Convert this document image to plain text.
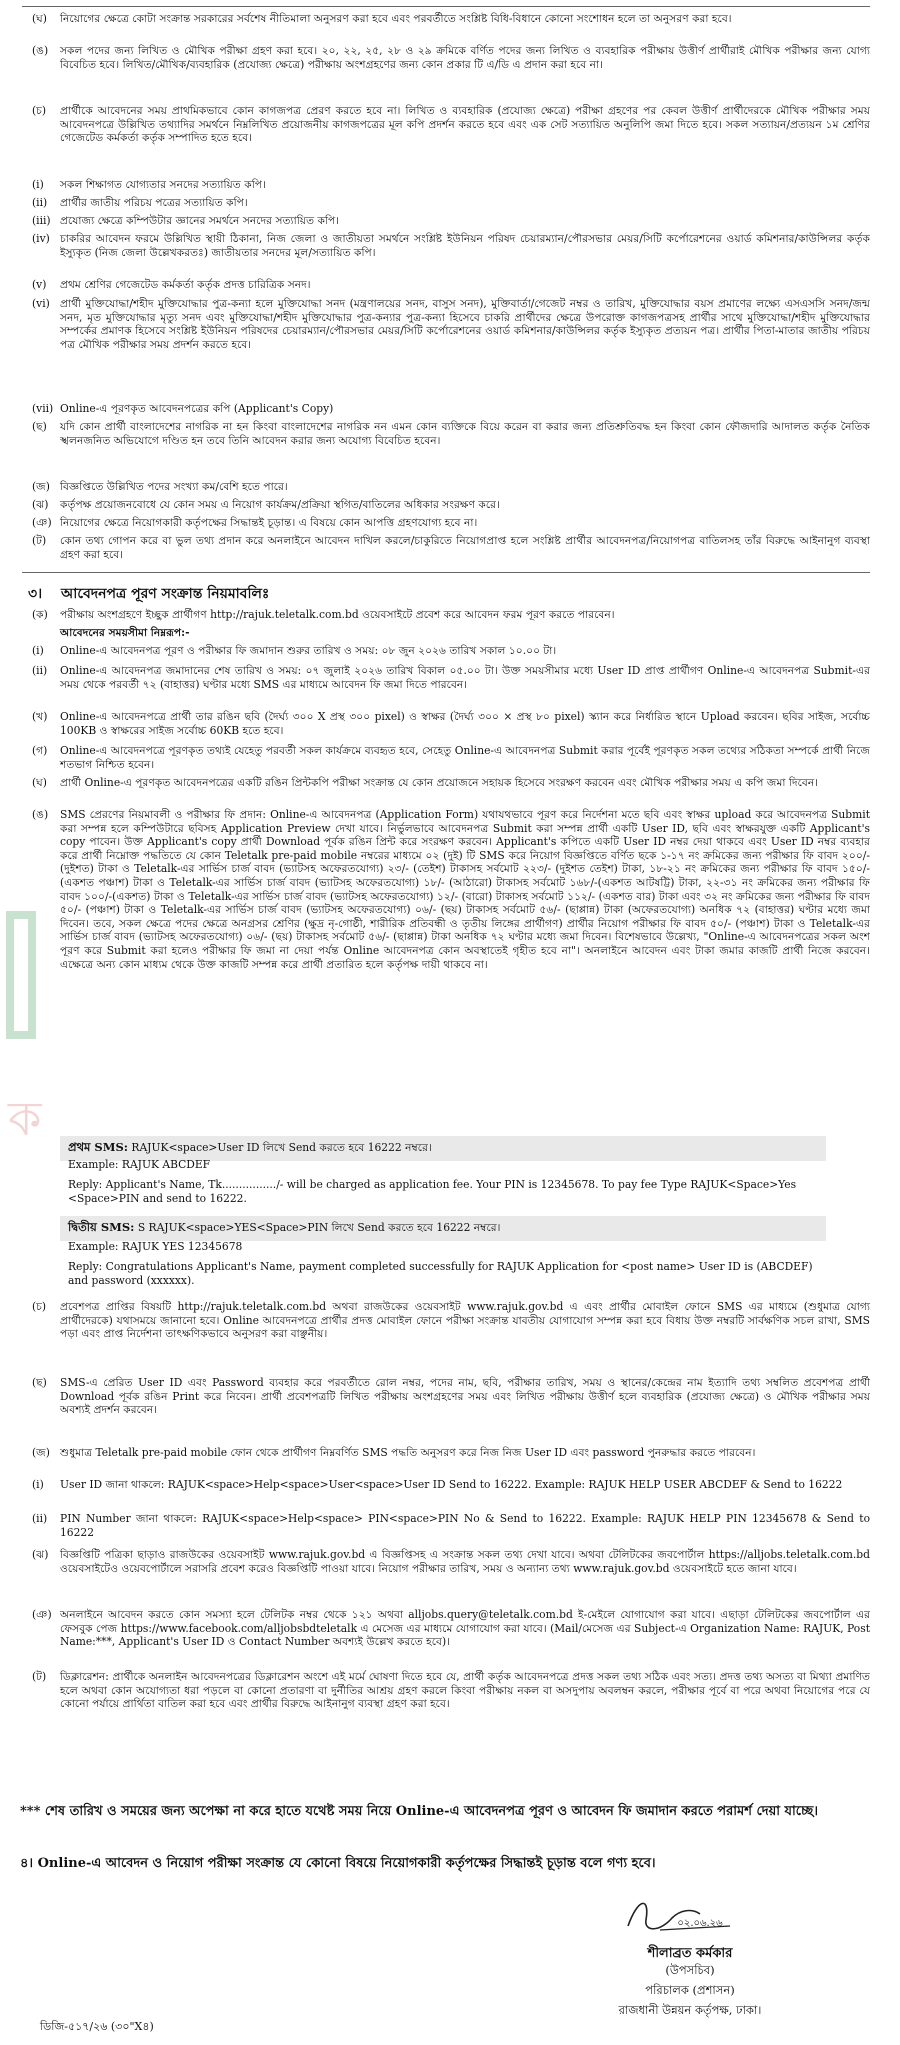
ক
(ঘ) নিয়োগের ক্ষেত্রে কোটা সংক্রান্ত সরকারের সর্বশেষ নীতিমালা অনুসরণ করা হবে এবং পরবর্তীতে সংশ্লিষ্ট বিধি-বিধানে কোনো সংশোধন হলে তা অনুসরণ করা হবে।
(ঙ) সকল পদের জন্য লিখিত ও মৌখিক পরীক্ষা গ্রহণ করা হবে। ২০, ২২, ২৫, ২৮ ও ২৯ ক্রমিকে বর্ণিত পদের জন্য লিখিত ও ব্যবহারিক পরীক্ষায় উত্তীর্ণ প্রার্থীরাই মৌখিক পরীক্ষার জন্য যোগ্য বিবেচিত হবে। লিখিত/মৌখিক/ব্যবহারিক (প্রযোজ্য ক্ষেত্রে) পরীক্ষায় অংশগ্রহণের জন্য কোন প্রকার টি এ/ডি এ প্রদান করা হবে না।
(চ) প্রার্থীকে আবেদনের সময় প্রাথমিকভাবে কোন কাগজপত্র প্রেরণ করতে হবে না। লিখিত ও ব্যবহারিক (প্রযোজ্য ক্ষেত্রে) পরীক্ষা গ্রহণের পর কেবল উত্তীর্ণ প্রার্থীদেরকে মৌখিক পরীক্ষার সময় আবেদনপত্রে উল্লিখিত তথ্যাদির সমর্থনে নিম্নলিখিত প্রয়োজনীয় কাগজপত্রের মূল কপি প্রদর্শন করতে হবে এবং এক সেট সত্যায়িত অনুলিপি জমা দিতে হবে। সকল সত্যায়ন/প্রত্যয়ন ১ম শ্রেণির গেজেটেড কর্মকর্তা কর্তৃক সম্পাদিত হতে হবে।
(i) সকল শিক্ষাগত যোগ্যতার সনদের সত্যায়িত কপি।
(ii) প্রার্থীর জাতীয় পরিচয় পত্রের সত্যায়িত কপি।
(iii) প্রযোজ্য ক্ষেত্রে কম্পিউটার জ্ঞানের সমর্থনে সনদের সত্যায়িত কপি।
(iv) চাকরির আবেদন ফরমে উল্লিখিত স্থায়ী ঠিকানা, নিজ জেলা ও জাতীয়তা সমর্থনে সংশ্লিষ্ট ইউনিয়ন পরিষদ চেয়ারম্যান/পৌরসভার মেয়র/সিটি কর্পোরেশনের ওয়ার্ড কমিশনার/কাউন্সিলর কর্তৃক ইস্যুকৃত (নিজ জেলা উল্লেখকরতঃ) জাতীয়তার সনদের মূল/সত্যায়িত কপি।
(v) প্রথম শ্রেণির গেজেটেড কর্মকর্তা কর্তৃক প্রদত্ত চারিত্রিক সনদ।
(vi) প্রার্থী মুক্তিযোদ্ধা/শহীদ মুক্তিযোদ্ধার পুত্র-কন্যা হলে মুক্তিযোদ্ধা সনদ (মন্ত্রণালয়ের সনদ, বাসুস সনদ), মুক্তিবার্তা/গেজেট নম্বর ও তারিখ, মুক্তিযোদ্ধার বয়স প্রমাণের লক্ষ্যে এসএসসি সনদ/জন্ম সনদ, মৃত মুক্তিযোদ্ধার মৃত্যু সনদ এবং মুক্তিযোদ্ধা/শহীদ মুক্তিযোদ্ধার পুত্র-কন্যার পুত্র-কন্যা হিসেবে চাকরি প্রার্থীদের ক্ষেত্রে উপরোক্ত কাগজপত্রসহ প্রার্থীর সাথে মুক্তিযোদ্ধা/শহীদ মুক্তিযোদ্ধার সম্পর্কের প্রমাণক হিসেবে সংশ্লিষ্ট ইউনিয়ন পরিষদের চেয়ারম্যান/পৌরসভার মেয়র/সিটি কর্পোরেশনের ওয়ার্ড কমিশনার/কাউন্সিলর কর্তৃক ইস্যুকৃত প্রত্যয়ন পত্র। প্রার্থীর পিতা-মাতার জাতীয় পরিচয় পত্র মৌখিক পরীক্ষার সময় প্রদর্শন করতে হবে।
(vii) Online-এ পূরণকৃত আবেদনপত্রের কপি (Applicant's Copy)
(ছ) যদি কোন প্রার্থী বাংলাদেশের নাগরিক না হন কিংবা বাংলাদেশের নাগরিক নন এমন কোন ব্যক্তিকে বিয়ে করেন বা করার জন্য প্রতিশ্রুতিবদ্ধ হন কিংবা কোন ফৌজদারি আদালত কর্তৃক নৈতিক স্খলনজনিত অভিযোগে দণ্ডিত হন তবে তিনি আবেদন করার জন্য অযোগ্য বিবেচিত হবেন।
(জ) বিজ্ঞপ্তিতে উল্লিখিত পদের সংখ্যা কম/বেশি হতে পারে।
(ঝ) কর্তৃপক্ষ প্রয়োজনবোধে যে কোন সময় এ নিয়োগ কার্যক্রম/প্রক্রিয়া স্থগিত/বাতিলের অধিকার সংরক্ষণ করে।
(ঞ) নিয়োগের ক্ষেত্রে নিয়োগকারী কর্তৃপক্ষের সিদ্ধান্তই চূড়ান্ত। এ বিষয়ে কোন আপত্তি গ্রহণযোগ্য হবে না।
(ট) কোন তথ্য গোপন করে বা ভুল তথ্য প্রদান করে অনলাইনে আবেদন দাখিল করলে/চাকুরিতে নিয়োগপ্রাপ্ত হলে সংশ্লিষ্ট প্রার্থীর আবেদনপত্র/নিয়োগপত্র বাতিলসহ তাঁর বিরুদ্ধে আইনানুগ ব্যবস্থা গ্রহণ করা হবে।
৩। আবেদনপত্র পূরণ সংক্রান্ত নিয়মাবলিঃ
(ক) পরীক্ষায় অংশগ্রহণে ইচ্ছুক প্রার্থীগণ http://rajuk.teletalk.com.bd ওয়েবসাইটে প্রবেশ করে আবেদন ফরম পূরণ করতে পারবেন।
আবেদনের সময়সীমা নিম্নরূপ:-
(i) Online-এ আবেদনপত্র পূরণ ও পরীক্ষার ফি জমাদান শুরুর তারিখ ও সময়: ০৮ জুন ২০২৬ তারিখ সকাল ১০.০০ টা।
(ii) Online-এ আবেদনপত্র জমাদানের শেষ তারিখ ও সময়: ০৭ জুলাই ২০২৬ তারিখ বিকাল ০৫.০০ টা। উক্ত সময়সীমার মধ্যে User ID প্রাপ্ত প্রার্থীগণ Online-এ আবেদনপত্র Submit-এর সময় থেকে পরবর্তী ৭২ (বাহাত্তর) ঘণ্টার মধ্যে SMS এর মাধ্যমে আবেদন ফি জমা দিতে পারবেন।
(খ) Online-এ আবেদনপত্রে প্রার্থী তার রঙিন ছবি (দৈর্ঘ্য ৩০০ X প্রস্থ ৩০০ pixel) ও স্বাক্ষর (দৈর্ঘ্য ৩০০ × প্রস্থ ৮০ pixel) স্ক্যান করে নির্ধারিত স্থানে Upload করবেন। ছবির সাইজ, সর্বোচ্চ 100KB ও স্বাক্ষরের সাইজ সর্বোচ্চ 60KB হতে হবে।
(গ) Online-এ আবেদনপত্রে পূরণকৃত তথ্যই যেহেতু পরবর্তী সকল কার্যক্রমে ব্যবহৃত হবে, সেহেতু Online-এ আবেদনপত্র Submit করার পূর্বেই পূরণকৃত সকল তথ্যের সঠিকতা সম্পর্কে প্রার্থী নিজে শতভাগ নিশ্চিত হবেন।
(ঘ) প্রার্থী Online-এ পূরণকৃত আবেদনপত্রের একটি রঙিন প্রিন্টকপি পরীক্ষা সংক্রান্ত যে কোন প্রয়োজনে সহায়ক হিসেবে সংরক্ষণ করবেন এবং মৌখিক পরীক্ষার সময় এ কপি জমা দিবেন।
(ঙ) SMS প্রেরণের নিয়মাবলী ও পরীক্ষার ফি প্রদান: Online-এ আবেদনপত্র (Application Form) যথাযথভাবে পূরণ করে নির্দেশনা মতে ছবি এবং স্বাক্ষর upload করে আবেদনপত্র Submit করা সম্পন্ন হলে কম্পিউটারে ছবিসহ Application Preview দেখা যাবে। নির্ভুলভাবে আবেদনপত্র Submit করা সম্পন্ন প্রার্থী একটি User ID, ছবি এবং স্বাক্ষরযুক্ত একটি Applicant's copy পাবেন। উক্ত Applicant's copy প্রার্থী Download পূর্বক রঙিন প্রিন্ট করে সংরক্ষণ করবেন। Applicant's কপিতে একটি User ID নম্বর দেয়া থাকবে এবং User ID নম্বর ব্যবহার করে প্রার্থী নিম্নোক্ত পদ্ধতিতে যে কোন Teletalk pre-paid mobile নম্বরের মাধ্যমে ০২ (দুই) টি SMS করে নিয়োগ বিজ্ঞপ্তিতে বর্ণিত ছকে ১-১৭ নং ক্রমিকের জন্য পরীক্ষার ফি বাবদ ২০০/-(দুইশত) টাকা ও Teletalk-এর সার্ভিস চার্জ বাবদ (ভ্যাটসহ অফেরতযোগ্য) ২৩/- (তেইশ) টাকাসহ সর্বমোট ২২৩/- (দুইশত তেইশ) টাকা, ১৮-২১ নং ক্রমিকের জন্য পরীক্ষার ফি বাবদ ১৫০/- (একশত পঞ্চাশ) টাকা ও Teletalk-এর সার্ভিস চার্জ বাবদ (ভ্যাটসহ অফেরতযোগ্য) ১৮/- (আঠারো) টাকাসহ সর্বমোট ১৬৮/-(একশত আটষট্টি) টাকা, ২২-৩১ নং ক্রমিকের জন্য পরীক্ষার ফি বাবদ ১০০/-(একশত) টাকা ও Teletalk-এর সার্ভিস চার্জ বাবদ (ভ্যাটসহ অফেরতযোগ্য) ১২/- (বারো) টাকাসহ সর্বমোট ১১২/- (একশত বার) টাকা এবং ৩২ নং ক্রমিকের জন্য পরীক্ষার ফি বাবদ ৫০/- (পঞ্চাশ) টাকা ও Teletalk-এর সার্ভিস চার্জ বাবদ (ভ্যাটসহ অফেরতযোগ্য) ০৬/- (ছয়) টাকাসহ সর্বমোট ৫৬/- (ছাপ্পান্ন) টাকা (অফেরতযোগ্য) অনধিক ৭২ (বাহাত্তর) ঘণ্টার মধ্যে জমা দিবেন। তবে, সকল ক্ষেত্রে পদের ক্ষেত্রে অনগ্রসর শ্রেণির (ক্ষুদ্র নৃ-গোষ্ঠী, শারীরিক প্রতিবন্ধী ও তৃতীয় লিঙ্গের প্রার্থীগণ) প্রার্থীর নিয়োগ পরীক্ষার ফি বাবদ ৫০/- (পঞ্চাশ) টাকা ও Teletalk-এর সার্ভিস চার্জ বাবদ (ভ্যাটসহ অফেরতযোগ্য) ০৬/- (ছয়) টাকাসহ সর্বমোট ৫৬/- (ছাপ্পান্ন) টাকা অনধিক ৭২ ঘণ্টার মধ্যে জমা দিবেন। বিশেষভাবে উল্লেখ্য, "Online-এ আবেদনপত্রের সকল অংশ পূরণ করে Submit করা হলেও পরীক্ষার ফি জমা না দেয়া পর্যন্ত Online আবেদনপত্র কোন অবস্থাতেই গৃহীত হবে না"। অনলাইনে আবেদন এবং টাকা জমার কাজটি প্রার্থী নিজে করবেন। এক্ষেত্রে অন্য কোন মাধ্যম থেকে উক্ত কাজটি সম্পন্ন করে প্রার্থী প্রতারিত হলে কর্তৃপক্ষ দায়ী থাকবে না।
প্রথম SMS: RAJUK<space>User ID লিখে Send করতে হবে 16222 নম্বরে।
Example: RAJUK ABCDEF
Reply: Applicant's Name, Tk................/- will be charged as application fee. Your PIN is 12345678. To pay fee Type RAJUK<Space>Yes <Space>PIN and send to 16222.
দ্বিতীয় SMS: S RAJUK<space>YES<Space>PIN লিখে Send করতে হবে 16222 নম্বরে।
Example: RAJUK YES 12345678
Reply: Congratulations Applicant's Name, payment completed successfully for RAJUK Application for <post name> User ID is (ABCDEF) and password (xxxxxx).
(চ) প্রবেশপত্র প্রাপ্তির বিষয়টি http://rajuk.teletalk.com.bd অথবা রাজউকের ওয়েবসাইট www.rajuk.gov.bd এ এবং প্রার্থীর মোবাইল ফোনে SMS এর মাধ্যমে (শুধুমাত্র যোগ্য প্রার্থীদেরকে) যথাসময়ে জানানো হবে। Online আবেদনপত্রে প্রার্থীর প্রদত্ত মোবাইল ফোনে পরীক্ষা সংক্রান্ত যাবতীয় যোগাযোগ সম্পন্ন করা হবে বিধায় উক্ত নম্বরটি সার্বক্ষণিক সচল রাখা, SMS পড়া এবং প্রাপ্ত নির্দেশনা তাৎক্ষণিকভাবে অনুসরণ করা বাঞ্ছনীয়।
(ছ) SMS-এ প্রেরিত User ID এবং Password ব্যবহার করে পরবর্তীতে রোল নম্বর, পদের নাম, ছবি, পরীক্ষার তারিখ, সময় ও স্থানের/কেন্দ্রের নাম ইত্যাদি তথ্য সম্বলিত প্রবেশপত্র প্রার্থী Download পূর্বক রঙিন Print করে নিবেন। প্রার্থী প্রবেশপত্রটি লিখিত পরীক্ষায় অংশগ্রহণের সময় এবং লিখিত পরীক্ষায় উত্তীর্ণ হলে ব্যবহারিক (প্রযোজ্য ক্ষেত্রে) ও মৌখিক পরীক্ষার সময় অবশ্যই প্রদর্শন করবেন।
(জ) শুধুমাত্র Teletalk pre-paid mobile ফোন থেকে প্রার্থীগণ নিম্নবর্ণিত SMS পদ্ধতি অনুসরণ করে নিজ নিজ User ID এবং password পুনরুদ্ধার করতে পারবেন।
(i) User ID জানা থাকলে: RAJUK<space>Help<space>User<space>User ID Send to 16222. Example: RAJUK HELP USER ABCDEF & Send to 16222
(ii) PIN Number জানা থাকলে: RAJUK<space>Help<space> PIN<space>PIN No & Send to 16222. Example: RAJUK HELP PIN 12345678 & Send to 16222
(ঝ) বিজ্ঞপ্তিটি পত্রিকা ছাড়াও রাজউকের ওয়েবসাইট www.rajuk.gov.bd এ বিজ্ঞপ্তিসহ এ সংক্রান্ত সকল তথ্য দেখা যাবে। অথবা টেলিটকের জবপোর্টাল https://alljobs.teletalk.com.bd ওয়েবসাইটেও ওয়েবপোর্টালে সরাসরি প্রবেশ করেও বিজ্ঞপ্তিটি পাওয়া যাবে। নিয়োগ পরীক্ষার তারিখ, সময় ও অন্যান্য তথ্য www.rajuk.gov.bd ওয়েবসাইটে হতে জানা যাবে।
(ঞ) অনলাইনে আবেদন করতে কোন সমস্যা হলে টেলিটক নম্বর থেকে ১২১ অথবা alljobs.query@teletalk.com.bd ই-মেইলে যোগাযোগ করা যাবে। এছাড়া টেলিটকের জবপোর্টাল এর ফেসবুক পেজ https://www.facebook.com/alljobsbdteletalk এ মেসেজ এর মাধ্যমে যোগাযোগ করা যাবে। (Mail/মেসেজ এর Subject-এ Organization Name: RAJUK, Post Name:***, Applicant's User ID ও Contact Number অবশ্যই উল্লেখ করতে হবে)।
(ট) ডিক্লারেশন: প্রার্থীকে অনলাইন আবেদনপত্রের ডিক্লারেশন অংশে এই মর্মে ঘোষণা দিতে হবে যে, প্রার্থী কর্তৃক আবেদনপত্রে প্রদত্ত সকল তথ্য সঠিক এবং সত্য। প্রদত্ত তথ্য অসত্য বা মিথ্যা প্রমাণিত হলে অথবা কোন অযোগ্যতা ধরা পড়লে বা কোনো প্রতারণা বা দুর্নীতির আশ্রয় গ্রহণ করলে কিংবা পরীক্ষায় নকল বা অসদুপায় অবলম্বন করলে, পরীক্ষার পূর্বে বা পরে অথবা নিয়োগের পরে যে কোনো পর্যায়ে প্রার্থিতা বাতিল করা হবে এবং প্রার্থীর বিরুদ্ধে আইনানুগ ব্যবস্থা গ্রহণ করা হবে।
*** শেষ তারিখ ও সময়ের জন্য অপেক্ষা না করে হাতে যথেষ্ট সময় নিয়ে Online-এ আবেদনপত্র পূরণ ও আবেদন ফি জমাদান করতে পরামর্শ দেয়া যাচ্ছে।
৪। Online-এ আবেদন ও নিয়োগ পরীক্ষা সংক্রান্ত যে কোনো বিষয়ে নিয়োগকারী কর্তৃপক্ষের সিদ্ধান্তই চূড়ান্ত বলে গণ্য হবে।
০২.০৬.২৬
শীলাব্রত কর্মকার
(উপসচিব)
পরিচালক (প্রশাসন)
রাজধানী উন্নয়ন কর্তৃপক্ষ, ঢাকা।
ডিজি-৫১৭/২৬ (৩০"X৪)
